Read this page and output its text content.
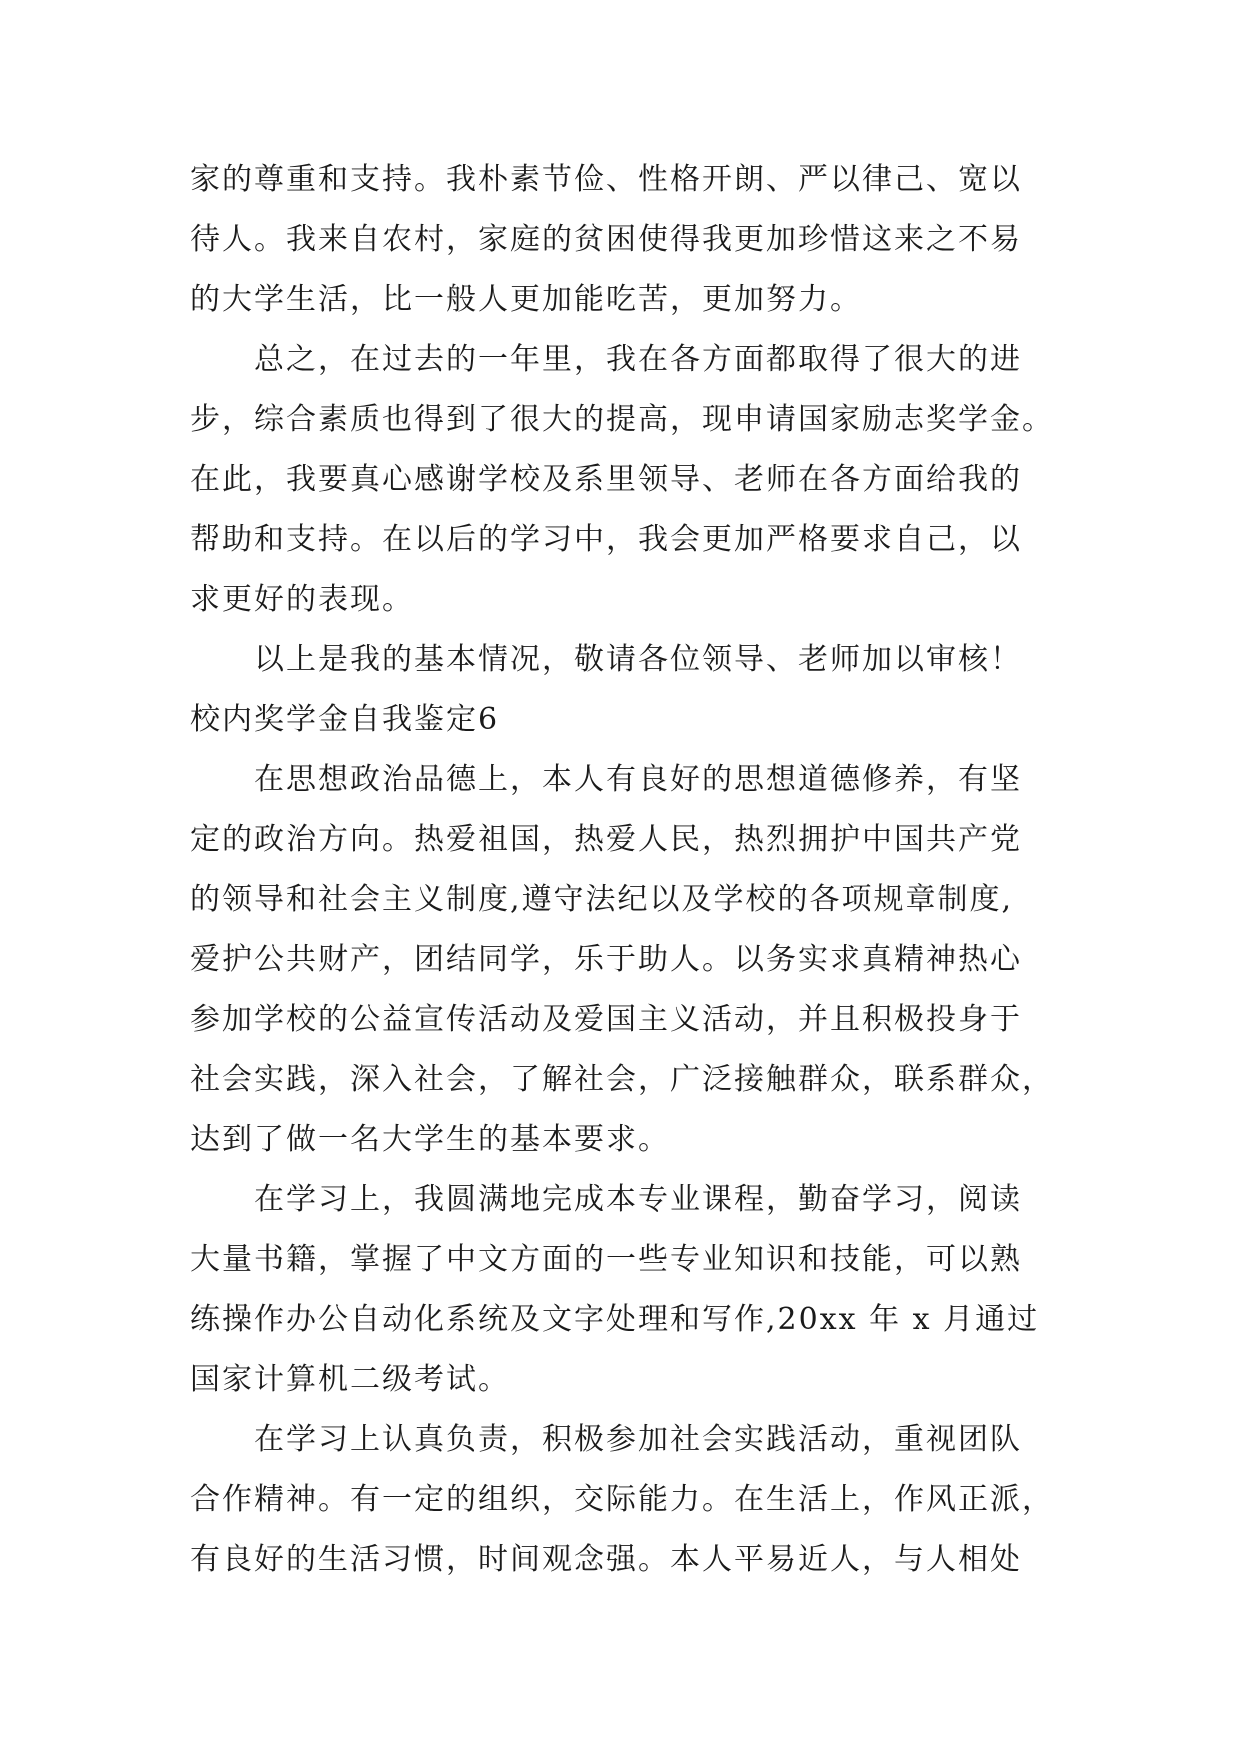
家的尊重和支持。我朴素节俭、性格开朗、严以律己、宽以
待人。我来自农村，家庭的贫困使得我更加珍惜这来之不易
的大学生活，比一般人更加能吃苦，更加努力。
总之，在过去的一年里，我在各方面都取得了很大的进
步，综合素质也得到了很大的提高，现申请国家励志奖学金。
在此，我要真心感谢学校及系里领导、老师在各方面给我的
帮助和支持。在以后的学习中，我会更加严格要求自己，以
求更好的表现。
以上是我的基本情况，敬请各位领导、老师加以审核！
校内奖学金自我鉴定6
在思想政治品德上，本人有良好的思想道德修养，有坚
定的政治方向。热爱祖国，热爱人民，热烈拥护中国共产党
的领导和社会主义制度,遵守法纪以及学校的各项规章制度,
爱护公共财产，团结同学，乐于助人。以务实求真精神热心
参加学校的公益宣传活动及爱国主义活动，并且积极投身于
社会实践，深入社会，了解社会，广泛接触群众，联系群众，
达到了做一名大学生的基本要求。
在学习上，我圆满地完成本专业课程，勤奋学习，阅读
大量书籍，掌握了中文方面的一些专业知识和技能，可以熟
练操作办公自动化系统及文字处理和写作,20xx 年 x 月通过
国家计算机二级考试。
在学习上认真负责，积极参加社会实践活动，重视团队
合作精神。有一定的组织，交际能力。在生活上，作风正派，
有良好的生活习惯，时间观念强。本人平易近人，与人相处
